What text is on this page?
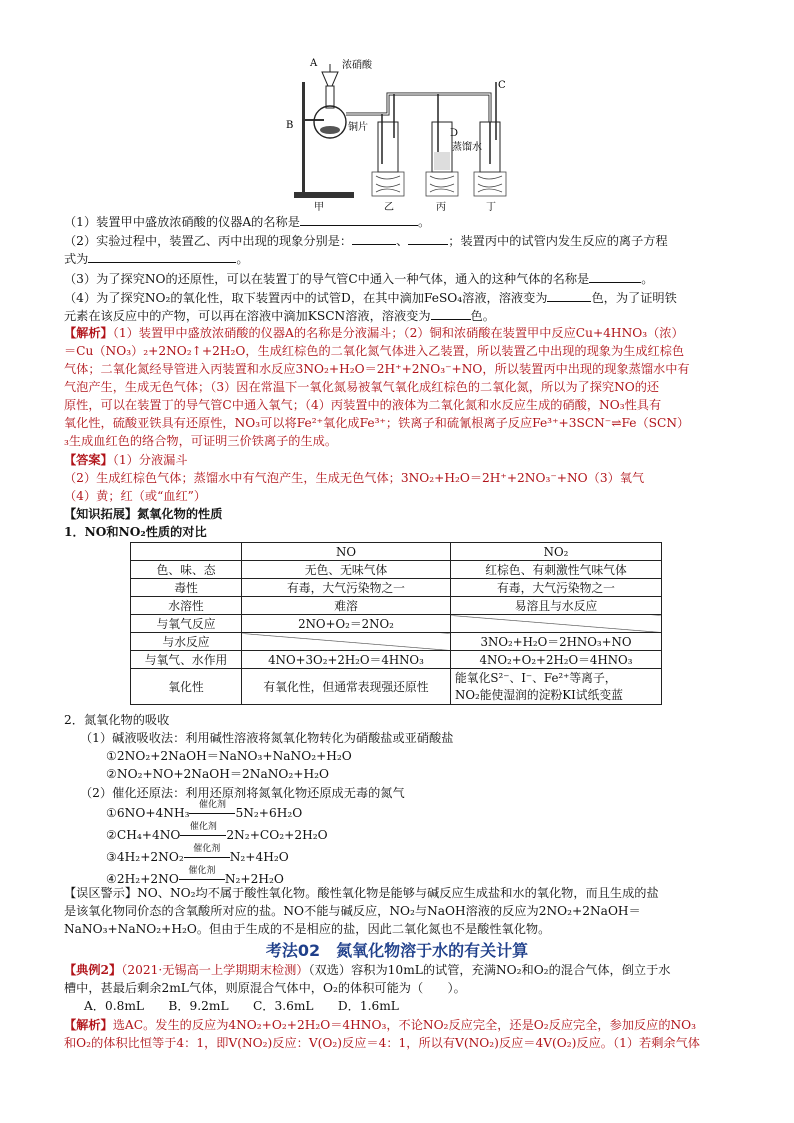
A 浓硝酸
B	铜片
C
D
蒸馏水
甲	乙	丙	丁
（1）装置甲中盛放浓硝酸的仪器A的名称是	。
（2）实验过程中，装置乙、丙中出现的现象分别是：	、	；装置丙中的试管内发生反应的离子方程
式为	。
（3）为了探究NO的还原性，可以在装置丁的导气管C中通入一种气体，通入的这种气体的名称是	。
（4）为了探究NO₂的氧化性，取下装置丙中的试管D，在其中滴加FeSO₄溶液，溶液变为	色，为了证明铁
元素在该反应中的产物，可以再在溶液中滴加KSCN溶液，溶液变为	色。
【解析】（1）装置甲中盛放浓硝酸的仪器A的名称是分液漏斗；（2）铜和浓硝酸在装置甲中反应Cu+4HNO₃（浓）
＝Cu（NO₃）₂+2NO₂↑+2H₂O，生成红棕色的二氧化氮气体进入乙装置，所以装置乙中出现的现象为生成红棕色
气体；二氧化氮经导管进入丙装置和水反应3NO₂+H₂O＝2H⁺+2NO₃⁻+NO，所以装置丙中出现的现象蒸馏水中有
气泡产生，生成无色气体；（3）因在常温下一氧化氮易被氧气氧化成红棕色的二氧化氮，所以为了探究NO的还
原性，可以在装置丁的导气管C中通入氧气；（4）丙装置中的液体为二氧化氮和水反应生成的硝酸，NO₃性具有
氧化性，硫酸亚铁具有还原性，NO₃可以将Fe²⁺氧化成Fe³⁺；铁离子和硫氰根离子反应Fe³⁺+3SCN⁻⇌Fe（SCN）
₃生成血红色的络合物，可证明三价铁离子的生成。
【答案】（1）分液漏斗
（2）生成红棕色气体；蒸馏水中有气泡产生，生成无色气体；3NO₂+H₂O＝2H⁺+2NO₃⁻+NO（3）氧气
（4）黄；红（或“血红”）
【知识拓展】氮氧化物的性质
1．NO和NO₂性质的对比
	NO	NO₂
色、味、态	无色、无味气体	红棕色、有刺激性气味气体
毒性	有毒，大气污染物之一	有毒，大气污染物之一
水溶性	难溶	易溶且与水反应
与氧气反应	2NO+O₂＝2NO₂	
与水反应		3NO₂+H₂O＝2HNO₃+NO
与氧气、水作用	4NO+3O₂+2H₂O＝4HNO₃	4NO₂+O₂+2H₂O＝4HNO₃
氧化性	有氧化性，但通常表现强还原性	能氧化S²⁻、I⁻、Fe²⁺等离子，
NO₂能使湿润的淀粉KI试纸变蓝
2．氮氧化物的吸收
（1）碱液吸收法：利用碱性溶液将氮氧化物转化为硝酸盐或亚硝酸盐
①2NO₂+2NaOH＝NaNO₃+NaNO₂+H₂O
②NO₂+NO+2NaOH＝2NaNO₂+H₂O
（2）催化还原法：利用还原剂将氮氧化物还原成无毒的氮气
①6NO+4NH₃
催化剂
5N₂+6H₂O
②CH₄+4NO
催化剂
2N₂+CO₂+2H₂O
③4H₂+2NO₂
催化剂
N₂+4H₂O
④2H₂+2NO
催化剂
N₂+2H₂O
【误区警示】NO、NO₂均不属于酸性氧化物。酸性氧化物是能够与碱反应生成盐和水的氧化物，而且生成的盐
是该氧化物同价态的含氧酸所对应的盐。NO不能与碱反应，NO₂与NaOH溶液的反应为2NO₂+2NaOH＝
NaNO₃+NaNO₂+H₂O。但由于生成的不是相应的盐，因此二氧化氮也不是酸性氧化物。
考法02　氮氧化物溶于水的有关计算
【典例2】（2021·无锡高一上学期期末检测）（双选）容积为10mL的试管，充满NO₂和O₂的混合气体，倒立于水
槽中，甚最后剩余2mL气体，则原混合气体中，O₂的体积可能为（　　）。
A．0.8mL　　B．9.2mL　　C．3.6mL　　D．1.6mL
【解析】选AC。发生的反应为4NO₂+O₂+2H₂O＝4HNO₃，不论NO₂反应完全，还是O₂反应完全，参加反应的NO₃
和O₂的体积比恒等于4：1，即V(NO₂)反应：V(O₂)反应＝4：1，所以有V(NO₂)反应＝4V(O₂)反应。（1）若剩余气体
